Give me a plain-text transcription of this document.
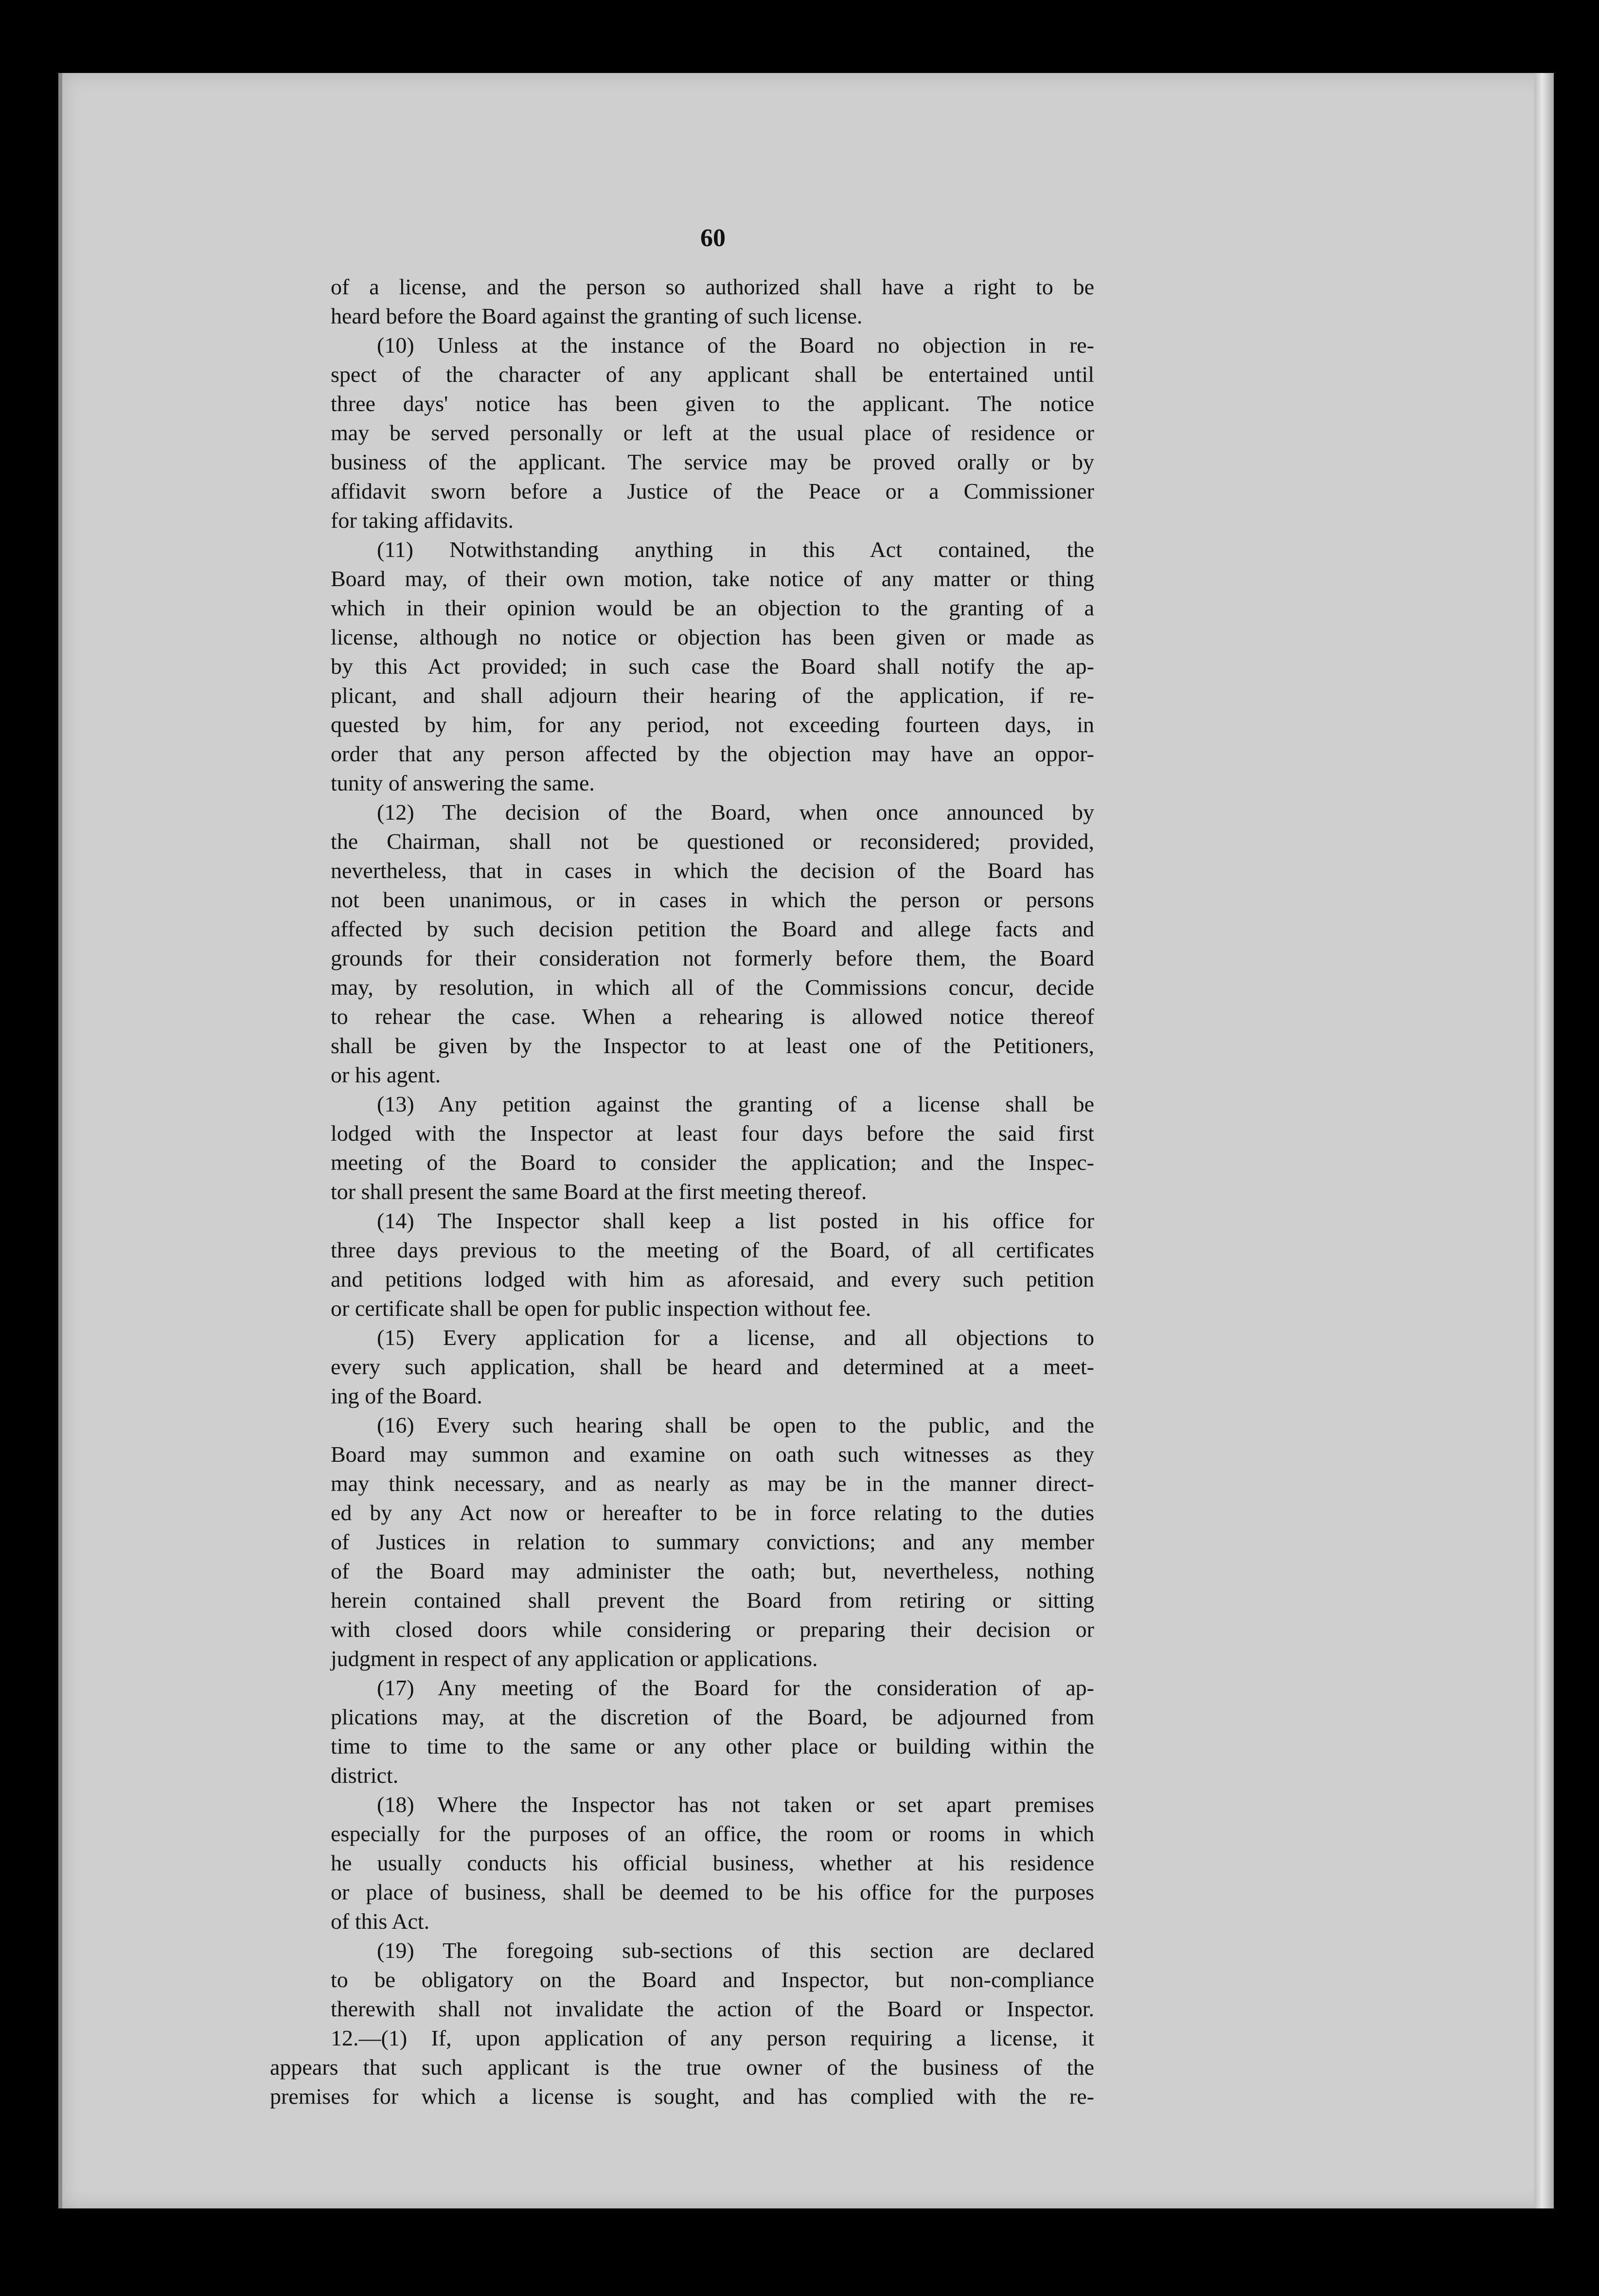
60
of a license, and the person so authorized shall have a right to be
heard before the Board against the granting of such license.
(10) Unless at the instance of the Board no objection in re-
spect of the character of any applicant shall be entertained until
three days' notice has been given to the applicant. The notice
may be served personally or left at the usual place of residence or
business of the applicant. The service may be proved orally or by
affidavit sworn before a Justice of the Peace or a Commissioner
for taking affidavits.
(11) Notwithstanding anything in this Act contained, the
Board may, of their own motion, take notice of any matter or thing
which in their opinion would be an objection to the granting of a
license, although no notice or objection has been given or made as
by this Act provided; in such case the Board shall notify the ap-
plicant, and shall adjourn their hearing of the application, if re-
quested by him, for any period, not exceeding fourteen days, in
order that any person affected by the objection may have an oppor-
tunity of answering the same.
(12) The decision of the Board, when once announced by
the Chairman, shall not be questioned or reconsidered; provided,
nevertheless, that in cases in which the decision of the Board has
not been unanimous, or in cases in which the person or persons
affected by such decision petition the Board and allege facts and
grounds for their consideration not formerly before them, the Board
may, by resolution, in which all of the Commissions concur, decide
to rehear the case. When a rehearing is allowed notice thereof
shall be given by the Inspector to at least one of the Petitioners,
or his agent.
(13) Any petition against the granting of a license shall be
lodged with the Inspector at least four days before the said first
meeting of the Board to consider the application; and the Inspec-
tor shall present the same Board at the first meeting thereof.
(14) The Inspector shall keep a list posted in his office for
three days previous to the meeting of the Board, of all certificates
and petitions lodged with him as aforesaid, and every such petition
or certificate shall be open for public inspection without fee.
(15) Every application for a license, and all objections to
every such application, shall be heard and determined at a meet-
ing of the Board.
(16) Every such hearing shall be open to the public, and the
Board may summon and examine on oath such witnesses as they
may think necessary, and as nearly as may be in the manner direct-
ed by any Act now or hereafter to be in force relating to the duties
of Justices in relation to summary convictions; and any member
of the Board may administer the oath; but, nevertheless, nothing
herein contained shall prevent the Board from retiring or sitting
with closed doors while considering or preparing their decision or
judgment in respect of any application or applications.
(17) Any meeting of the Board for the consideration of ap-
plications may, at the discretion of the Board, be adjourned from
time to time to the same or any other place or building within the
district.
(18) Where the Inspector has not taken or set apart premises
especially for the purposes of an office, the room or rooms in which
he usually conducts his official business, whether at his residence
or place of business, shall be deemed to be his office for the purposes
of this Act.
(19) The foregoing sub-sections of this section are declared
to be obligatory on the Board and Inspector, but non-compliance
therewith shall not invalidate the action of the Board or Inspector.
12.—(1) If, upon application of any person requiring a license, it
appears that such applicant is the true owner of the business of the
premises for which a license is sought, and has complied with the re-
